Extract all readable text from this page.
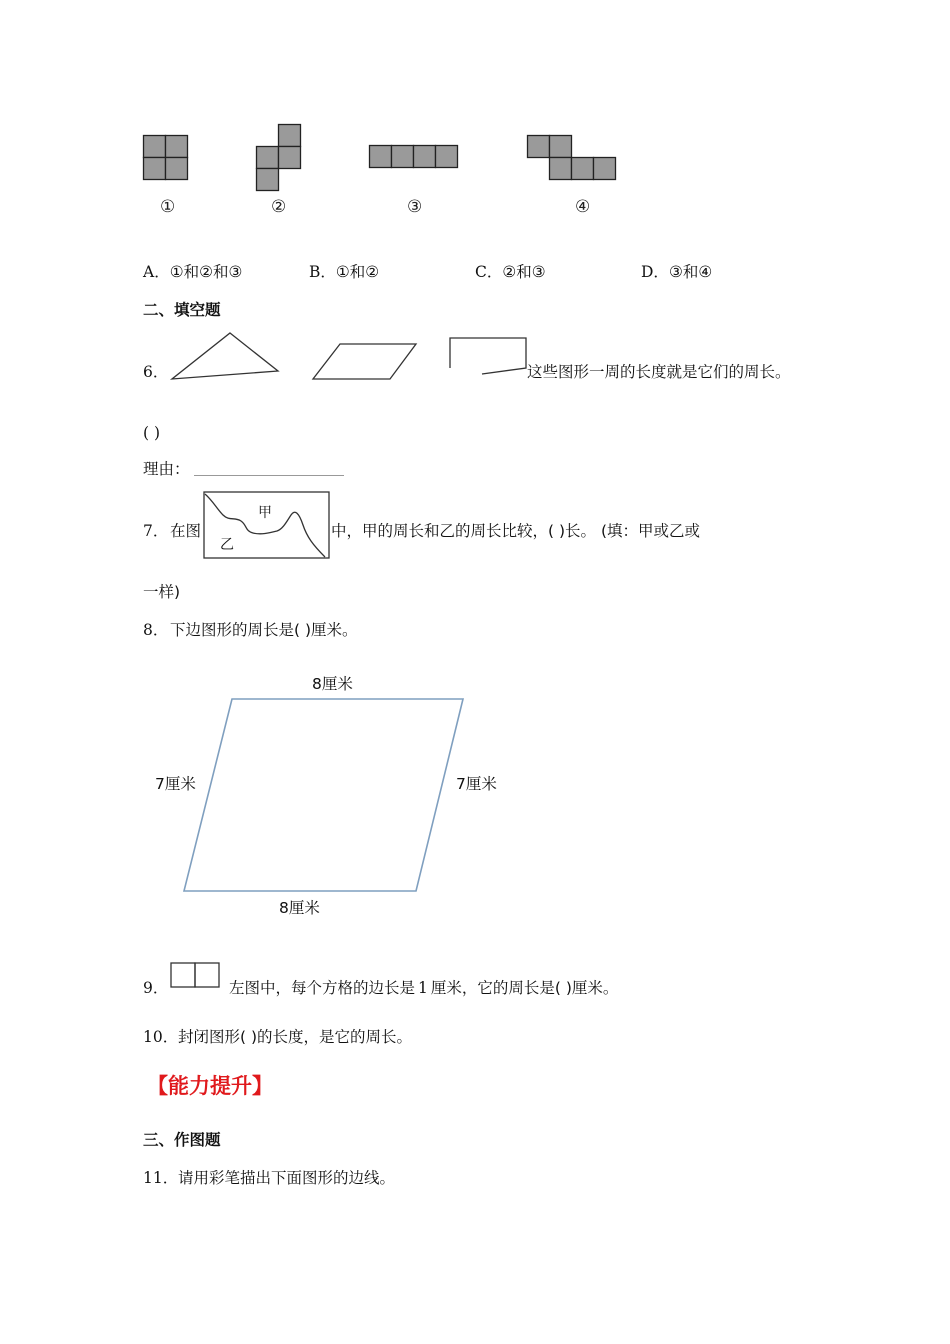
①	②	③	④
A．①和②和③	B．①和②	C．②和③	D．③和④
二、填空题
6．	这些图形一周的长度就是它们的周长。
( )
理由：
7． 在图
甲
乙
中，甲的周长和乙的周长比较，( )长。 (填：甲或乙或
一样)
8． 下边图形的周长是( )厘米。
8厘米
7厘米	7厘米
8厘米
9．	左图中，每个方格的边长是 1 厘米，它的周长是( )厘米。
10． 封闭图形( )的长度，是它的周长。
【能力提升】
三、作图题
11． 请用彩笔描出下面图形的边线。
